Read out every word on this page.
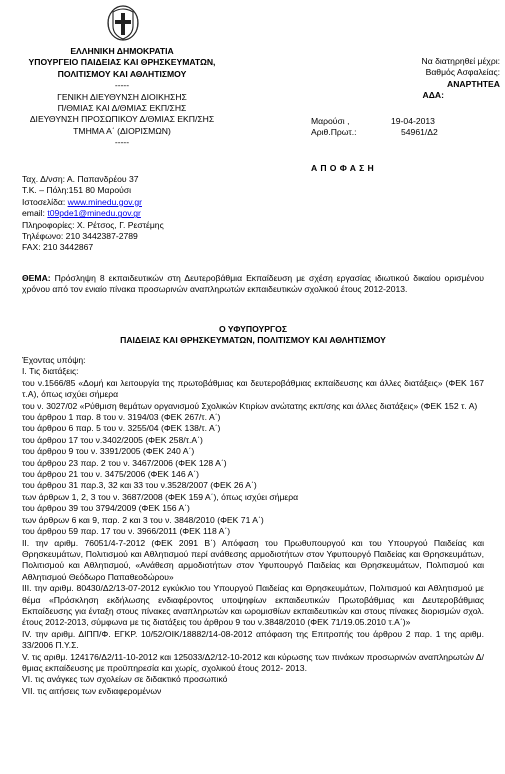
ΕΛΛΗΝΙΚΗ ΔΗΜΟΚΡΑΤΙΑ
ΥΠΟΥΡΓΕΙΟ ΠΑΙΔΕΙΑΣ ΚΑΙ ΘΡΗΣΚΕΥΜΑΤΩΝ,
ΠΟΛΙΤΙΣΜΟΥ ΚΑΙ ΑΘΛΗΤΙΣΜΟΥ
-----
ΓΕΝΙΚΗ ΔΙΕΥΘΥΝΣΗ ΔΙΟΙΚΗΣΗΣ
Π/ΘΜΙΑΣ ΚΑΙ Δ/ΘΜΙΑΣ ΕΚΠ/ΣΗΣ
ΔΙΕΥΘΥΝΣΗ ΠΡΟΣΩΠΙΚΟΥ Δ/ΘΜΙΑΣ ΕΚΠ/ΣΗΣ
ΤΜΗΜΑ Α΄ (ΔΙΟΡΙΣΜΩΝ)
-----
Να διατηρηθεί μέχρι:
Βαθμός Ασφαλείας:
ΑΝΑΡΤΗΤΕΑ
ΑΔΑ:
Μαρούσι ,	19-04-2013
Αριθ.Πρωτ.:	54961/Δ2
ΑΠΟΦΑΣΗ
Ταχ. Δ/νση: Α. Παπανδρέου 37
Τ.Κ. – Πόλη:151 80 Μαρούσι
Ιστοσελίδα: www.minedu.gov.gr
email: t09pde1@minedu.gov.gr
Πληροφορίες: Χ. Ρέτσος, Γ. Ρεστέμης
Τηλέφωνο: 210 3442387-2789
FAX: 210 3442867
ΘΕΜΑ: Πρόσληψη 8 εκπαιδευτικών στη Δευτεροβάθμια Εκπαίδευση με σχέση εργασίας ιδιωτικού δικαίου ορισμένου χρόνου από τον ενιαίο πίνακα προσωρινών αναπληρωτών εκπαιδευτικών σχολικού έτους 2012-2013.
Ο ΥΦΥΠΟΥΡΓΟΣ
ΠΑΙΔΕΙΑΣ ΚΑΙ ΘΡΗΣΚΕΥΜΑΤΩΝ, ΠΟΛΙΤΙΣΜΟΥ ΚΑΙ ΑΘΛΗΤΙΣΜΟΥ
Έχοντας υπόψη:
I. Τις διατάξεις:
του ν.1566/85 «Δομή και λειτουργία της πρωτοβάθμιας και δευτεροβάθμιας εκπαίδευσης και άλλες διατάξεις» (ΦΕΚ 167 τ.Α), όπως ισχύει σήμερα
του ν. 3027/02 «Ρύθμιση θεμάτων οργανισμού Σχολικών Κτιρίων ανώτατης εκπ/σης και άλλες διατάξεις» (ΦΕΚ 152 τ. Α)
του άρθρου 1 παρ. 8 του ν. 3194/03 (ΦΕΚ 267/τ. Α΄)
του άρθρου 6 παρ. 5 του ν. 3255/04 (ΦΕΚ 138/τ. Α΄)
του άρθρου 17 του ν.3402/2005 (ΦΕΚ 258/τ.Α΄)
του άρθρου 9 του ν. 3391/2005 (ΦΕΚ 240 Α΄)
του άρθρου 23 παρ. 2 του ν. 3467/2006 (ΦΕΚ 128 Α΄)
του άρθρου 21 του ν. 3475/2006 (ΦΕΚ 146 Α΄)
του άρθρου 31 παρ.3, 32 και 33 του ν.3528/2007 (ΦΕΚ 26 Α΄)
των άρθρων 1, 2, 3 του ν. 3687/2008 (ΦΕΚ 159 Α΄), όπως ισχύει σήμερα
του άρθρου 39 του 3794/2009 (ΦΕΚ 156 Α΄)
των άρθρων 6 και 9, παρ. 2 και 3 του ν. 3848/2010 (ΦΕΚ 71 Α΄)
του άρθρου 59 παρ. 17 του ν. 3966/2011 (ΦΕΚ 118 Α΄)
II. την αριθμ. 76051/4-7-2012 (ΦΕΚ 2091 Β΄) Απόφαση του Πρωθυπουργού και του Υπουργού Παιδείας και Θρησκευμάτων, Πολιτισμού και Αθλητισμού περί ανάθεσης αρμοδιοτήτων στον Υφυπουργό Παιδείας και Θρησκευμάτων, Πολιτισμού και Αθλητισμού, «Ανάθεση αρμοδιοτήτων στον Υφυπουργό Παιδείας και Θρησκευμάτων, Πολιτισμού και Αθλητισμού Θεόδωρο Παπαθεοδώρου»
III. την αριθμ. 80430/Δ2/13-07-2012 εγκύκλιο του Υπουργού Παιδείας και Θρησκευμάτων, Πολιτισμού και Αθλητισμού με θέμα «Πρόσκληση εκδήλωσης ενδιαφέροντος υποψηφίων εκπαιδευτικών Πρωτοβάθμιας και Δευτεροβάθμιας Εκπαίδευσης για ένταξη στους πίνακες αναπληρωτών και ωρομισθίων εκπαιδευτικών και στους πίνακες διορισμών σχολ. έτους 2012-2013, σύμφωνα με τις διατάξεις του άρθρου 9 του ν.3848/2010 (ΦΕΚ 71/19.05.2010 τ.Α΄)»
IV. την αριθμ. ΔΙΠΠ/Φ. ΕΓΚΡ. 10/52/ΟΙΚ/18882/14-08-2012 απόφαση της Επιτροπής του άρθρου 2 παρ. 1 της αριθμ. 33/2006 Π.Υ.Σ.
V. τις αριθμ. 124176/Δ2/11-10-2012 και 125033/Δ2/12-10-2012 και κύρωσης των πινάκων προσωρινών αναπληρωτών Δ/θμιας εκπαίδευσης με προϋπηρεσία και χωρίς, σχολικού έτους 2012- 2013.
VI. τις ανάγκες των σχολείων σε διδακτικό προσωπικό
VII. τις αιτήσεις των ενδιαφερομένων
